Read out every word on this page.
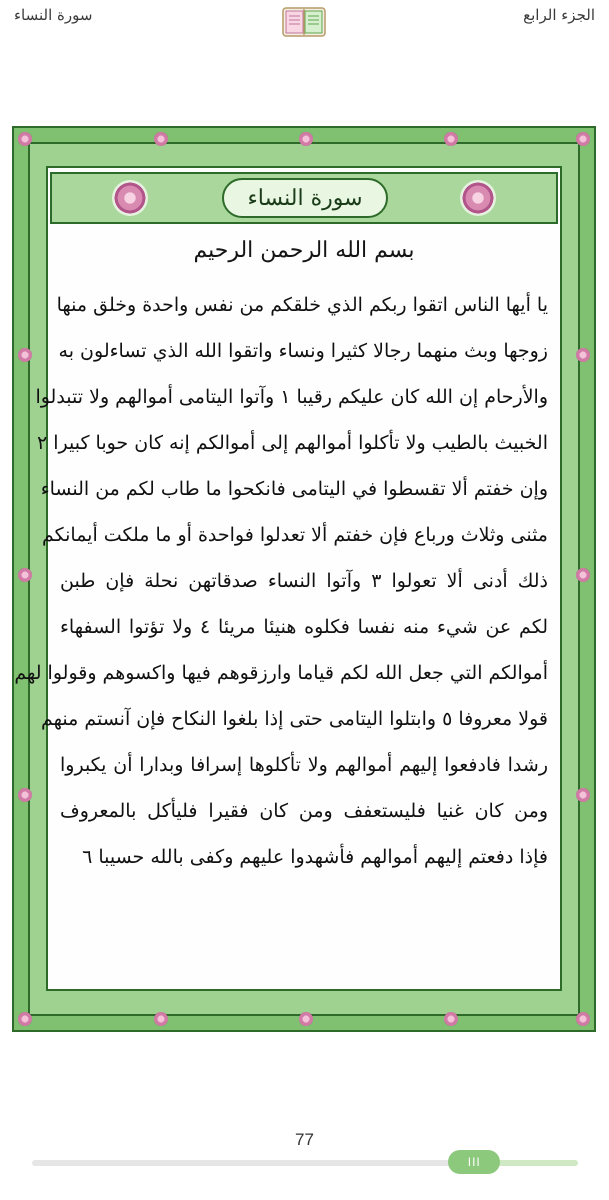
سورة النساء	الجزء الرابع
سورة النساء
بسم الله الرحمن الرحيم
يا أيها الناس اتقوا ربكم الذي خلقكم من نفس واحدة وخلق منها
زوجها وبث منهما رجالا كثيرا ونساء واتقوا الله الذي تساءلون به
والأرحام إن الله كان عليكم رقيبا ١ وآتوا اليتامى أموالهم ولا تتبدلوا
الخبيث بالطيب ولا تأكلوا أموالهم إلى أموالكم إنه كان حوبا كبيرا ٢
وإن خفتم ألا تقسطوا في اليتامى فانكحوا ما طاب لكم من النساء
مثنى وثلاث ورباع فإن خفتم ألا تعدلوا فواحدة أو ما ملكت أيمانكم
ذلك أدنى ألا تعولوا ٣ وآتوا النساء صدقاتهن نحلة فإن طبن
لكم عن شيء منه نفسا فكلوه هنيئا مريئا ٤ ولا تؤتوا السفهاء
أموالكم التي جعل الله لكم قياما وارزقوهم فيها واكسوهم وقولوا لهم
قولا معروفا ٥ وابتلوا اليتامى حتى إذا بلغوا النكاح فإن آنستم منهم
رشدا فادفعوا إليهم أموالهم ولا تأكلوها إسرافا وبدارا أن يكبروا
ومن كان غنيا فليستعفف ومن كان فقيرا فليأكل بالمعروف
فإذا دفعتم إليهم أموالهم فأشهدوا عليهم وكفى بالله حسيبا ٦
77
III
